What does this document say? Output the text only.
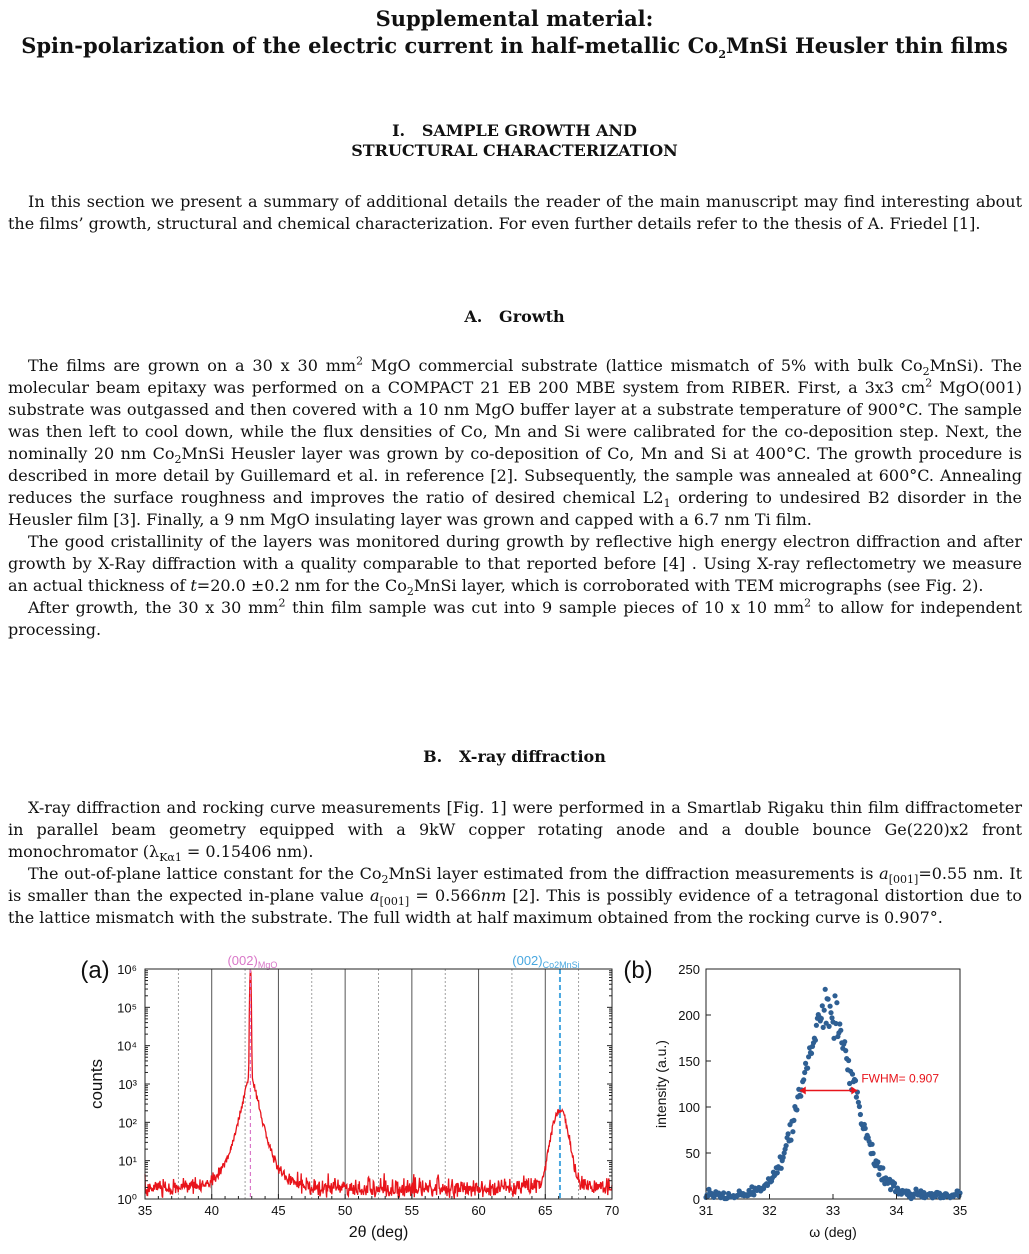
Supplemental material:
Spin-polarization of the electric current in half-metallic $Co_2MnSi$ Heusler thin films
I.   SAMPLE GROWTH AND
STRUCTURAL CHARACTERIZATION
In this section we present a summary of additional details the reader of the main manuscript may find interesting about the films’ growth, structural and chemical characterization. For even further details refer to the thesis of A. Friedel [1].
A.   Growth
The films are grown on a 30 x 30 $mm^2$ MgO commercial substrate (lattice mismatch of 5% with bulk $Co_2MnSi$). The molecular beam epitaxy was performed on a COMPACT 21 EB 200 MBE system from RIBER. First, a 3x3 $cm^2$ MgO(001) substrate was outgassed and then covered with a 10 nm MgO buffer layer at a substrate temperature of 900°C. The sample was then left to cool down, while the flux densities of Co, Mn and Si were calibrated for the co-deposition step. Next, the nominally 20 nm $Co_2MnSi$ Heusler layer was grown by co-deposition of Co, Mn and Si at 400°C. The growth procedure is described in more detail by Guillemard et al. in reference [2]. Subsequently, the sample was annealed at 600°C. Annealing reduces the surface roughness and improves the ratio of desired chemical $L2_1$ ordering to undesired B2 disorder in the Heusler film [3]. Finally, a 9 nm MgO insulating layer was grown and capped with a 6.7 nm Ti film.
The good cristallinity of the layers was monitored during growth by reflective high energy electron diffraction and after growth by X-Ray diffraction with a quality comparable to that reported before [4] . Using X-ray reflectometry we measure an actual thickness of t=20.0 ±0.2 nm for the $Co_2MnSi$ layer, which is corroborated with TEM micrographs (see Fig. 2).
After growth, the 30 x 30 $mm^2$ thin film sample was cut into 9 sample pieces of 10 x 10 $mm^2$ to allow for independent processing.
B.   X-ray diffraction
X-ray diffraction and rocking curve measurements [Fig. 1] were performed in a Smartlab Rigaku thin film diffractometer in parallel beam geometry equipped with a 9kW copper rotating anode and a double bounce Ge(220)x2 front monochromator ($\lambda_{K\alpha 1} = 0.15406$ nm).
The out-of-plane lattice constant for the $Co_2MnSi$ layer estimated from the diffraction measurements is $a_{[001]}=0.55$ nm. It is smaller than the expected in-plane value $a_{[001]} = 0.566nm$ [2]. This is possibly evidence of a tetragonal distortion due to the lattice mismatch with the substrate. The full width at half maximum obtained from the rocking curve is 0.907°.
(a)	$(002)_{MgO}$	$(002)_{Co2MnSi}$
35	40	45	50	55	60	65	70
10⁰
10¹
10²
10³
10⁴
10⁵
10⁶
2θ (deg)
counts
(b)
FWHM= 0.907
31	32	33	34	35
0
50
100
150
200
250
ω (deg)
intensity (a.u.)
